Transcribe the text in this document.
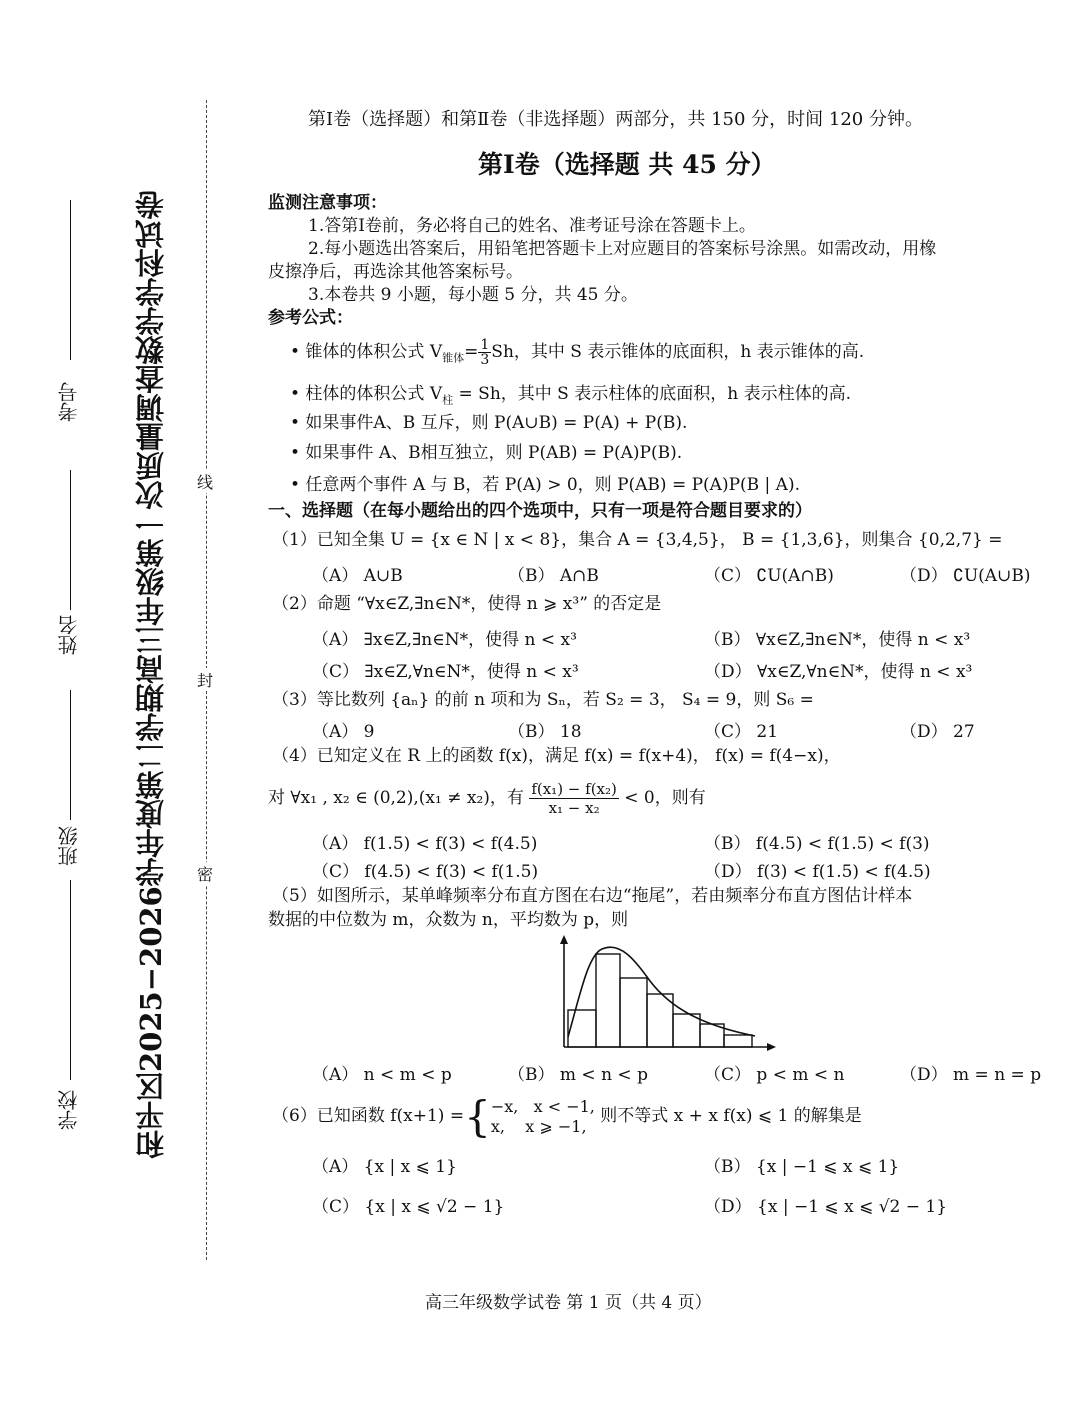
和平区2025−2026学年度第二学期高三年级第一次质量调查数学学科试卷
学校
班级
姓名
考号
线
封
密
第Ⅰ卷（选择题）和第Ⅱ卷（非选择题）两部分，共 150 分，时间 120 分钟。
第Ⅰ卷（选择题 共 45 分）
监测注意事项：
1.答第Ⅰ卷前，务必将自己的姓名、准考证号涂在答题卡上。
2.每小题选出答案后，用铅笔把答题卡上对应题目的答案标号涂黑。如需改动，用橡
皮擦净后，再选涂其他答案标号。
3.本卷共 9 小题，每小题 5 分，共 45 分。
参考公式：
• 锥体的体积公式 $V_{锥体}= \frac{1}{3}$ Sh，其中 S 表示锥体的底面积，h 表示锥体的高.
• 柱体的体积公式 $V_柱 = Sh$，其中 S 表示柱体的底面积，h 表示柱体的高.
• 如果事件A、B 互斥，则 P(A∪B) = P(A) + P(B).
• 如果事件 A、B相互独立，则 P(AB) = P(A)P(B).
• 任意两个事件 A 与 B，若 P(A) > 0，则 P(AB) = P(A)P(B | A).
一、选择题（在每小题给出的四个选项中，只有一项是符合题目要求的）
（1）已知全集 U = {x ∈ N | x < 8}，集合 A = {3,4,5}， B = {1,3,6}，则集合 {0,2,7} =
（A） A∪B	（B） A∩B	（C） ∁U(A∩B)	（D） ∁U(A∪B)
（2）命题 “∀x∈Z,∃n∈N*，使得 n ⩾ x³” 的否定是
（A） ∃x∈Z,∃n∈N*，使得 n < x³	（B） ∀x∈Z,∃n∈N*，使得 n < x³
（C） ∃x∈Z,∀n∈N*，使得 n < x³	（D） ∀x∈Z,∀n∈N*，使得 n < x³
（3）等比数列 {aₙ} 的前 n 项和为 Sₙ，若 S₂ = 3， S₄ = 9，则 S₆ =
（A） 9	（B） 18	（C） 21	（D） 27
（4）已知定义在 R 上的函数 f(x)，满足 f(x) = f(x+4)， f(x) = f(4−x)，
对 ∀x₁ , x₂ ∈ (0,2),(x₁ ≠ x₂)，有 $\frac{\text{f(x₁) − f(x₂)}}{\text{x₁ − x₂}} < 0$，则有
（A） f(1.5) < f(3) < f(4.5)	（B） f(4.5) < f(1.5) < f(3)
（C） f(4.5) < f(3) < f(1.5)	（D） f(3) < f(1.5) < f(4.5)
（5）如图所示，某单峰频率分布直方图在右边“拖尾”，若由频率分布直方图估计样本
数据的中位数为 m，众数为 n，平均数为 p，则
（A） n < m < p	（B） m < n < p	（C） p < m < n	（D） m = n = p
（6）已知函数 f(x+1) ={−x, x < −1,
x, x ⩾ −1, 则不等式 x + x f(x) ⩽ 1 的解集是
（A） {x | x ⩽ 1}	（B） {x | −1 ⩽ x ⩽ 1}
（C） {x | x ⩽ √2 − 1}	（D） {x | −1 ⩽ x ⩽ √2 − 1}
高三年级数学试卷 第 1 页（共 4 页）
